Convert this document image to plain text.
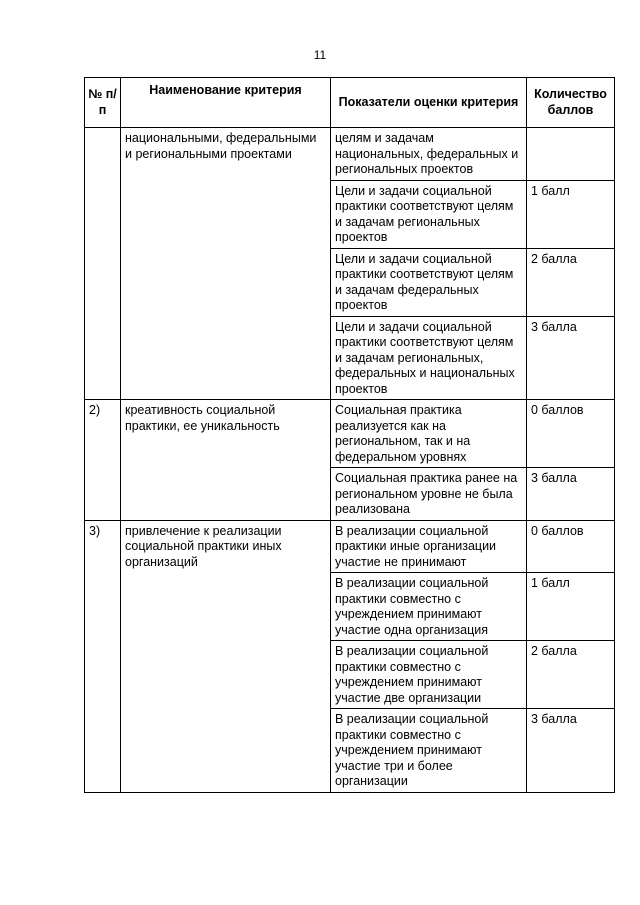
11
№ п/п	Наименование критерия	Показатели оценки критерия	Количество баллов
	национальными, федеральными и региональными проектами	целям и задачам национальных, федеральных и региональных проектов	
		Цели и задачи социальной практики соответствуют целям и задачам региональных проектов	1 балл
		Цели и задачи социальной практики соответствуют целям и задачам федеральных проектов	2 балла
		Цели и задачи социальной практики соответствуют целям и задачам региональных, федеральных и национальных проектов	3 балла
2)	креативность социальной практики, ее уникальность	Социальная практика реализуется как на региональном, так и на федеральном уровнях	0 баллов
		Социальная практика ранее на региональном уровне не была реализована	3 балла
3)	привлечение к реализации социальной практики иных организаций	В реализации социальной практики иные организации участие не принимают	0 баллов
		В реализации социальной практики совместно с учреждением принимают участие одна организация	1 балл
		В реализации социальной практики совместно с учреждением принимают участие две организации	2 балла
		В реализации социальной практики совместно с учреждением принимают участие три и более организации	3 балла
